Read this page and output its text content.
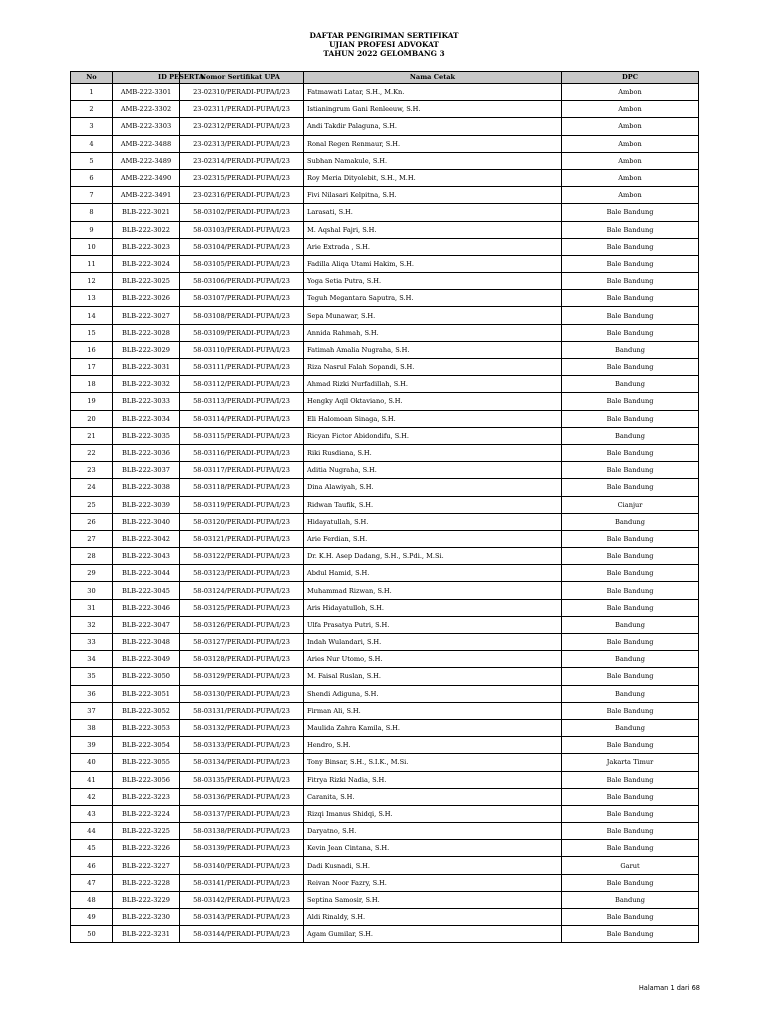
DAFTAR PENGIRIMAN SERTIFIKAT
UJIAN PROFESI ADVOKAT
TAHUN 2022 GELOMBANG 3
No	ID PESERTA	Nomor Sertifikat UPA	Nama Cetak	DPC
1	AMB-222-3301	23-02310/PERADI-PUPA/I/23	Fatmawati Latar, S.H., M.Kn.	Ambon
2	AMB-222-3302	23-02311/PERADI-PUPA/I/23	Istianingrum Gani Renleeuw, S.H.	Ambon
3	AMB-222-3303	23-02312/PERADI-PUPA/I/23	Andi Takdir Palaguna, S.H.	Ambon
4	AMB-222-3488	23-02313/PERADI-PUPA/I/23	Ronal Regen Renmaur, S.H.	Ambon
5	AMB-222-3489	23-02314/PERADI-PUPA/I/23	Subhan Namakule, S.H.	Ambon
6	AMB-222-3490	23-02315/PERADI-PUPA/I/23	Roy Meria Dityolebit, S.H., M.H.	Ambon
7	AMB-222-3491	23-02316/PERADI-PUPA/I/23	Fivi Nilasari Kelpitna, S.H.	Ambon
8	BLB-222-3021	58-03102/PERADI-PUPA/I/23	Larasati, S.H.	Bale Bandung
9	BLB-222-3022	58-03103/PERADI-PUPA/I/23	M. Aqshal Fajri, S.H.	Bale Bandung
10	BLB-222-3023	58-03104/PERADI-PUPA/I/23	Arie Extrada , S.H.	Bale Bandung
11	BLB-222-3024	58-03105/PERADI-PUPA/I/23	Fadilla Aliqa Utami Hakim, S.H.	Bale Bandung
12	BLB-222-3025	58-03106/PERADI-PUPA/I/23	Yoga Setia Putra, S.H.	Bale Bandung
13	BLB-222-3026	58-03107/PERADI-PUPA/I/23	Teguh Megantara Saputra, S.H.	Bale Bandung
14	BLB-222-3027	58-03108/PERADI-PUPA/I/23	Sepa Munawar, S.H.	Bale Bandung
15	BLB-222-3028	58-03109/PERADI-PUPA/I/23	Annida Rahmah, S.H.	Bale Bandung
16	BLB-222-3029	58-03110/PERADI-PUPA/I/23	Fatimah Amalia Nugraha, S.H.	Bandung
17	BLB-222-3031	58-03111/PERADI-PUPA/I/23	Riza Nasrul Falah Sopandi, S.H.	Bale Bandung
18	BLB-222-3032	58-03112/PERADI-PUPA/I/23	Ahmad Rizki Nurfadillah, S.H.	Bandung
19	BLB-222-3033	58-03113/PERADI-PUPA/I/23	Hengky Aqil Oktaviano, S.H.	Bale Bandung
20	BLB-222-3034	58-03114/PERADI-PUPA/I/23	Eli Halomoan Sinaga, S.H.	Bale Bandung
21	BLB-222-3035	58-03115/PERADI-PUPA/I/23	Ricyan Fictor Abidondifu, S.H.	Bandung
22	BLB-222-3036	58-03116/PERADI-PUPA/I/23	Riki Rusdiana, S.H.	Bale Bandung
23	BLB-222-3037	58-03117/PERADI-PUPA/I/23	Aditia Nugraha, S.H.	Bale Bandung
24	BLB-222-3038	58-03118/PERADI-PUPA/I/23	Dina Alawiyah, S.H.	Bale Bandung
25	BLB-222-3039	58-03119/PERADI-PUPA/I/23	Ridwan Taufik, S.H.	Cianjur
26	BLB-222-3040	58-03120/PERADI-PUPA/I/23	Hidayatullah, S.H.	Bandung
27	BLB-222-3042	58-03121/PERADI-PUPA/I/23	Arie Ferdian, S.H.	Bale Bandung
28	BLB-222-3043	58-03122/PERADI-PUPA/I/23	Dr. K.H. Asep Dadang, S.H., S.Pdi., M.Si.	Bale Bandung
29	BLB-222-3044	58-03123/PERADI-PUPA/I/23	Abdul Hamid, S.H.	Bale Bandung
30	BLB-222-3045	58-03124/PERADI-PUPA/I/23	Muhammad Rizwan, S.H.	Bale Bandung
31	BLB-222-3046	58-03125/PERADI-PUPA/I/23	Aris Hidayatulloh, S.H.	Bale Bandung
32	BLB-222-3047	58-03126/PERADI-PUPA/I/23	Ulfa Prasatya Putri, S.H.	Bandung
33	BLB-222-3048	58-03127/PERADI-PUPA/I/23	Indah Wulandari, S.H.	Bale Bandung
34	BLB-222-3049	58-03128/PERADI-PUPA/I/23	Aries Nur Utomo, S.H.	Bandung
35	BLB-222-3050	58-03129/PERADI-PUPA/I/23	M. Faisal Ruslan, S.H.	Bale Bandung
36	BLB-222-3051	58-03130/PERADI-PUPA/I/23	Shendi Adiguna, S.H.	Bandung
37	BLB-222-3052	58-03131/PERADI-PUPA/I/23	Firman Ali, S.H.	Bale Bandung
38	BLB-222-3053	58-03132/PERADI-PUPA/I/23	Maulida Zahra Kamila, S.H.	Bandung
39	BLB-222-3054	58-03133/PERADI-PUPA/I/23	Hendro, S.H.	Bale Bandung
40	BLB-222-3055	58-03134/PERADI-PUPA/I/23	Tony Binsar, S.H., S.I.K., M.Si.	Jakarta Timur
41	BLB-222-3056	58-03135/PERADI-PUPA/I/23	Fitrya Rizki Nadia, S.H.	Bale Bandung
42	BLB-222-3223	58-03136/PERADI-PUPA/I/23	Caranita, S.H.	Bale Bandung
43	BLB-222-3224	58-03137/PERADI-PUPA/I/23	Rizqi Imanus Shidqi, S.H.	Bale Bandung
44	BLB-222-3225	58-03138/PERADI-PUPA/I/23	Daryatno, S.H.	Bale Bandung
45	BLB-222-3226	58-03139/PERADI-PUPA/I/23	Kevin Jean Cintana, S.H.	Bale Bandung
46	BLB-222-3227	58-03140/PERADI-PUPA/I/23	Dadi Kusnadi, S.H.	Garut
47	BLB-222-3228	58-03141/PERADI-PUPA/I/23	Reivan Noor Fazry, S.H.	Bale Bandung
48	BLB-222-3229	58-03142/PERADI-PUPA/I/23	Septina Samosir, S.H.	Bandung
49	BLB-222-3230	58-03143/PERADI-PUPA/I/23	Aldi Rinaldy, S.H.	Bale Bandung
50	BLB-222-3231	58-03144/PERADI-PUPA/I/23	Agam Gumilar, S.H.	Bale Bandung
Halaman 1 dari 68
